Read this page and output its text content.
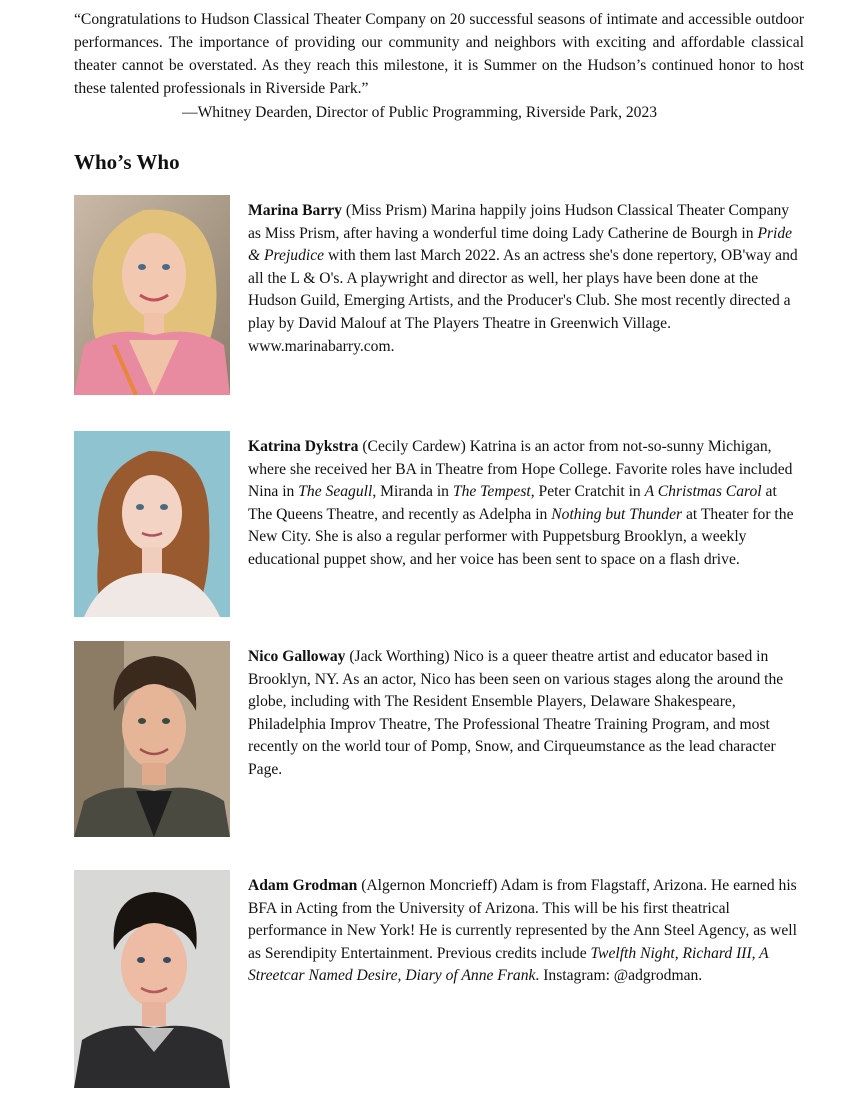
“Congratulations to Hudson Classical Theater Company on 20 successful seasons of intimate and accessible outdoor performances. The importance of providing our community and neighbors with exciting and affordable classical theater cannot be overstated. As they reach this milestone, it is Summer on the Hudson’s continued honor to host these talented professionals in Riverside Park.”

—Whitney Dearden, Director of Public Programming, Riverside Park, 2023
Who’s Who
Marina Barry (Miss Prism) Marina happily joins Hudson Classical Theater Company as Miss Prism, after having a wonderful time doing Lady Catherine de Bourgh in Pride & Prejudice with them last March 2022. As an actress she's done repertory, OB'way and all the L & O's. A playwright and director as well, her plays have been done at the Hudson Guild, Emerging Artists, and the Producer's Club. She most recently directed a play by David Malouf at The Players Theatre in Greenwich Village. www.marinabarry.com.
Katrina Dykstra (Cecily Cardew) Katrina is an actor from not-so-sunny Michigan, where she received her BA in Theatre from Hope College. Favorite roles have included Nina in The Seagull, Miranda in The Tempest, Peter Cratchit in A Christmas Carol at The Queens Theatre, and recently as Adelpha in Nothing but Thunder at Theater for the New City. She is also a regular performer with Puppetsburg Brooklyn, a weekly educational puppet show, and her voice has been sent to space on a flash drive.
Nico Galloway (Jack Worthing) Nico is a queer theatre artist and educator based in Brooklyn, NY. As an actor, Nico has been seen on various stages along the around the globe, including with The Resident Ensemble Players, Delaware Shakespeare, Philadelphia Improv Theatre, The Professional Theatre Training Program, and most recently on the world tour of Pomp, Snow, and Cirqueumstance as the lead character Page.
Adam Grodman (Algernon Moncrieff) Adam is from Flagstaff, Arizona. He earned his BFA in Acting from the University of Arizona. This will be his first theatrical performance in New York! He is currently represented by the Ann Steel Agency, as well as Serendipity Entertainment. Previous credits include Twelfth Night, Richard III, A Streetcar Named Desire, Diary of Anne Frank. Instagram: @adgrodman.
